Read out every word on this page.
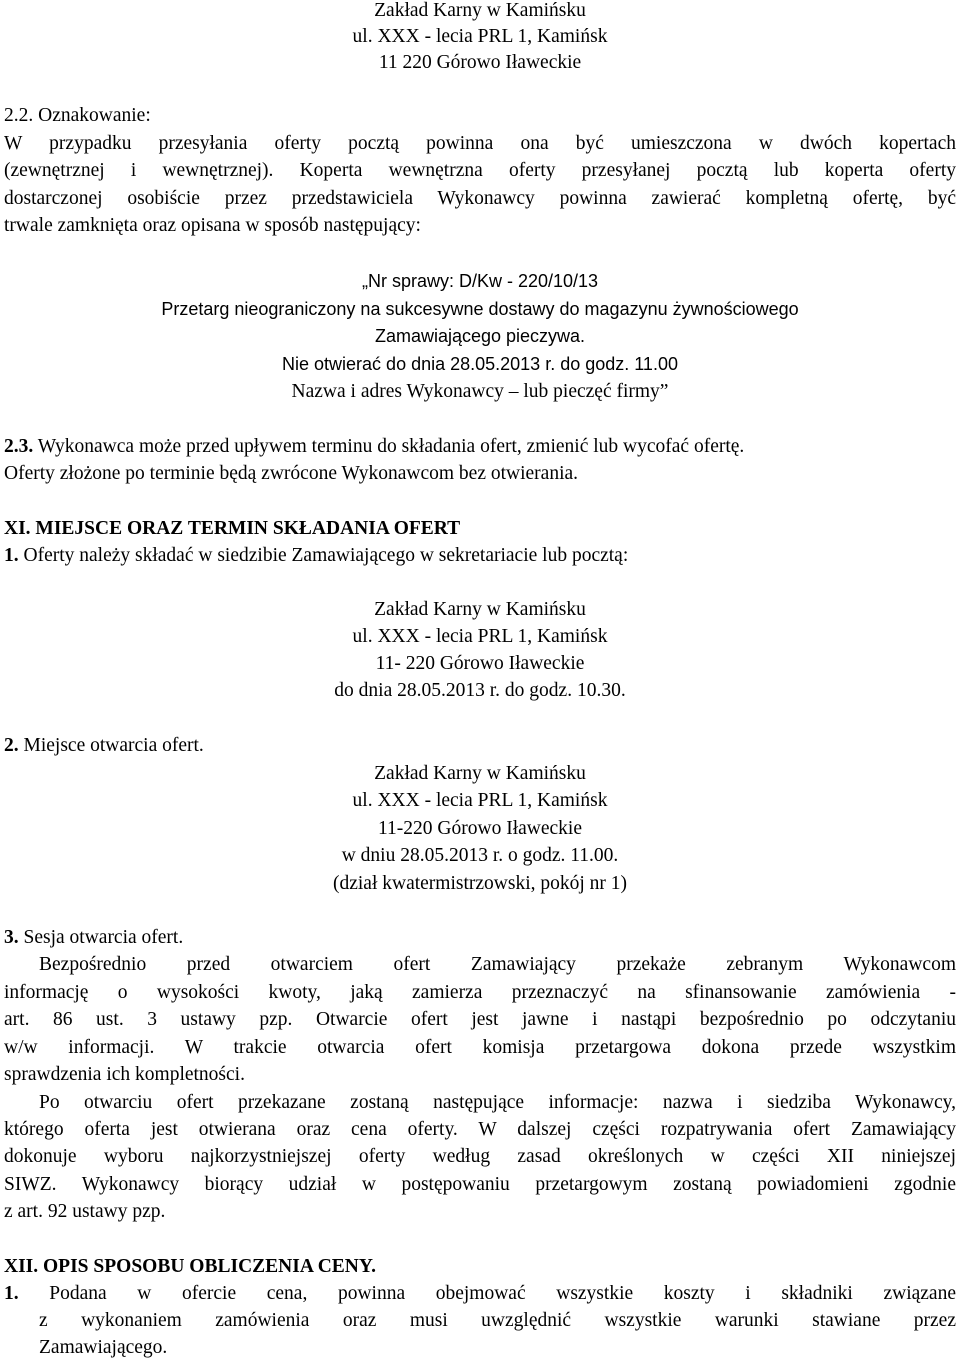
Zakład Karny w Kamińsku
ul. XXX - lecia PRL 1, Kamińsk
11 220 Górowo Iławeckie
2.2. Oznakowanie:
W przypadku przesyłania oferty pocztą powinna ona być umieszczona w dwóch kopertach
(zewnętrznej i wewnętrznej). Koperta wewnętrzna oferty przesyłanej pocztą lub koperta oferty
dostarczonej osobiście przez przedstawiciela Wykonawcy powinna zawierać kompletną ofertę, być
trwale zamknięta oraz opisana w sposób następujący:
„Nr sprawy: D/Kw - 220/10/13
Przetarg nieograniczony na sukcesywne dostawy do magazynu żywnościowego
Zamawiającego pieczywa.
Nie otwierać do dnia 28.05.2013 r. do godz. 11.00
Nazwa i adres Wykonawcy – lub pieczęć firmy”
2.3. Wykonawca może przed upływem terminu do składania ofert, zmienić lub wycofać ofertę.
Oferty złożone po terminie będą zwrócone Wykonawcom bez otwierania.
XI. MIEJSCE ORAZ TERMIN SKŁADANIA OFERT
1. Oferty należy składać w siedzibie Zamawiającego w sekretariacie lub pocztą:
Zakład Karny w Kamińsku
ul. XXX - lecia PRL 1, Kamińsk
11- 220 Górowo Iławeckie
do dnia 28.05.2013 r. do godz. 10.30.
2. Miejsce otwarcia ofert.
Zakład Karny w Kamińsku
ul. XXX - lecia PRL 1, Kamińsk
11-220 Górowo Iławeckie
w dniu 28.05.2013 r. o godz. 11.00.
(dział kwatermistrzowski, pokój nr 1)
3. Sesja otwarcia ofert.
Bezpośrednio przed otwarciem ofert Zamawiający przekaże zebranym Wykonawcom
informację o wysokości kwoty, jaką zamierza przeznaczyć na sfinansowanie zamówienia -
art. 86 ust. 3 ustawy pzp. Otwarcie ofert jest jawne i nastąpi bezpośrednio po odczytaniu
w/w informacji. W trakcie otwarcia ofert komisja przetargowa dokona przede wszystkim
sprawdzenia ich kompletności.
Po otwarciu ofert przekazane zostaną następujące informacje: nazwa i siedziba Wykonawcy,
którego oferta jest otwierana oraz cena oferty. W dalszej części rozpatrywania ofert Zamawiający
dokonuje wyboru najkorzystniejszej oferty według zasad określonych w części XII niniejszej
SIWZ. Wykonawcy biorący udział w postępowaniu przetargowym zostaną powiadomieni zgodnie
z art. 92 ustawy pzp.
XII. OPIS SPOSOBU OBLICZENIA CENY.
1. Podana w ofercie cena, powinna obejmować wszystkie koszty i składniki związane
z wykonaniem zamówienia oraz musi uwzględnić wszystkie warunki stawiane przez
Zamawiającego.
